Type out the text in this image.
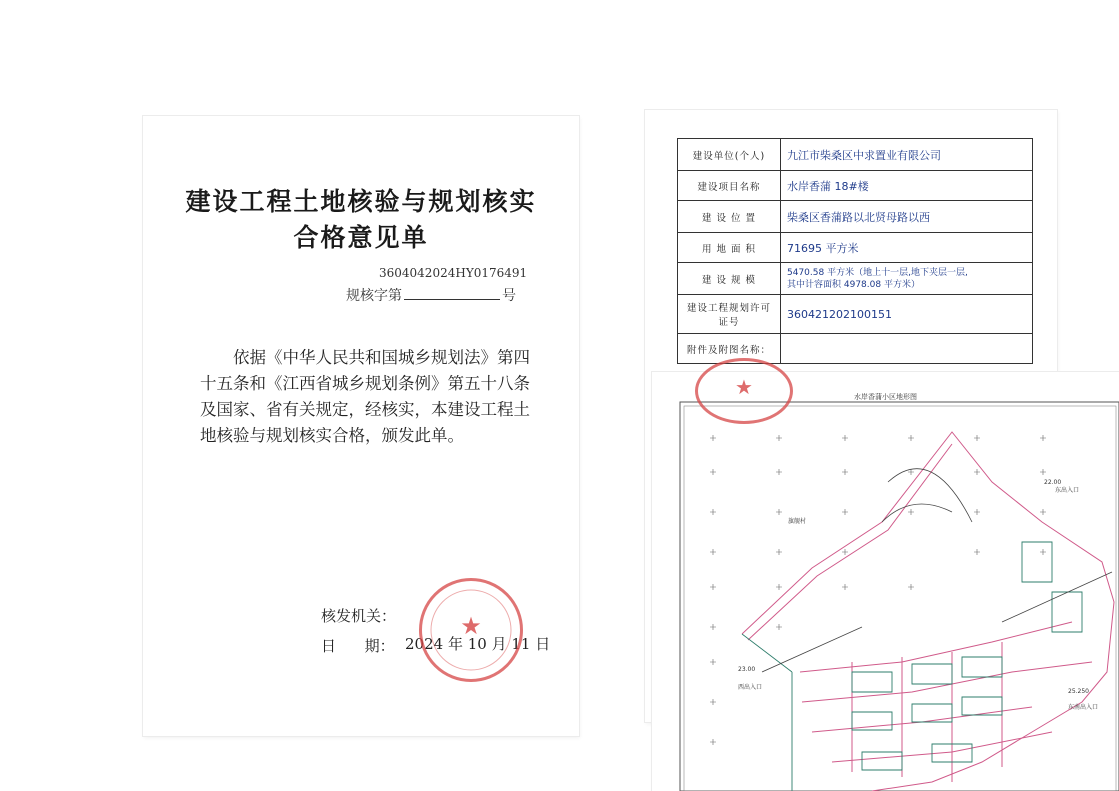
建设工程土地核验与规划核实
合格意见单
3604042024HY0176491
规核字第	号

依据《中华人民共和国城乡规划法》第四

十五条和《江西省城乡规划条例》第五十八条

及国家、省有关规定，经核实，本建设工程土

地核验与规划核实合格，颁发此单。

核发机关：
日      期： 2024 年 10 月 11 日
★
建设单位(个人)	九江市柴桑区中求置业有限公司
建设项目名称	水岸香蒲 18#楼
建 设 位 置	柴桑区香蒲路以北贤母路以西
用 地 面 积	71695 平方米
建 设 规 模	5470.58 平方米（地上十一层,地下夹层一层,
其中计容面积 4978.08 平方米）

建设工程规划许可证号	360421202100151
附件及附图名称：	
水岸香蒲小区地形图
22.00
东出入口
23.00
西出入口
25.250
东南出入口
旗舰村
★
